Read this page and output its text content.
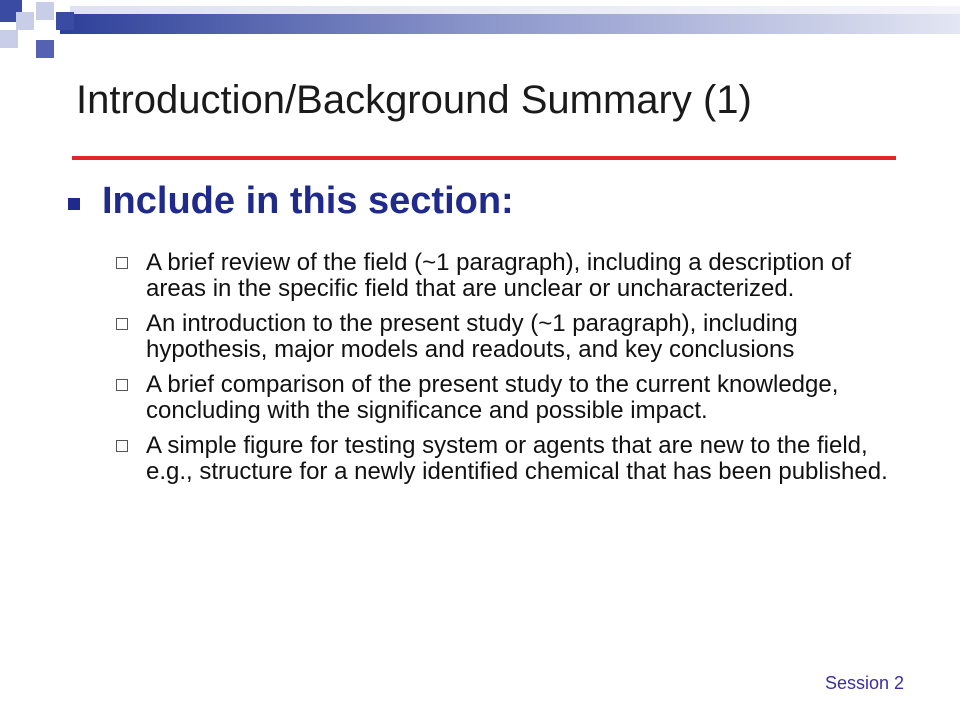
Introduction/Background Summary (1)
Include in this section:
A brief review of the field (~1 paragraph), including a description of areas in the specific field that are unclear or uncharacterized.
An introduction to the present study (~1 paragraph), including hypothesis, major models and readouts, and key conclusions
A brief comparison of the present study to the current knowledge, concluding with the significance and possible impact.
A simple figure for testing system or agents that are new to the field, e.g., structure for a newly identified chemical that has been published.
Session 2
